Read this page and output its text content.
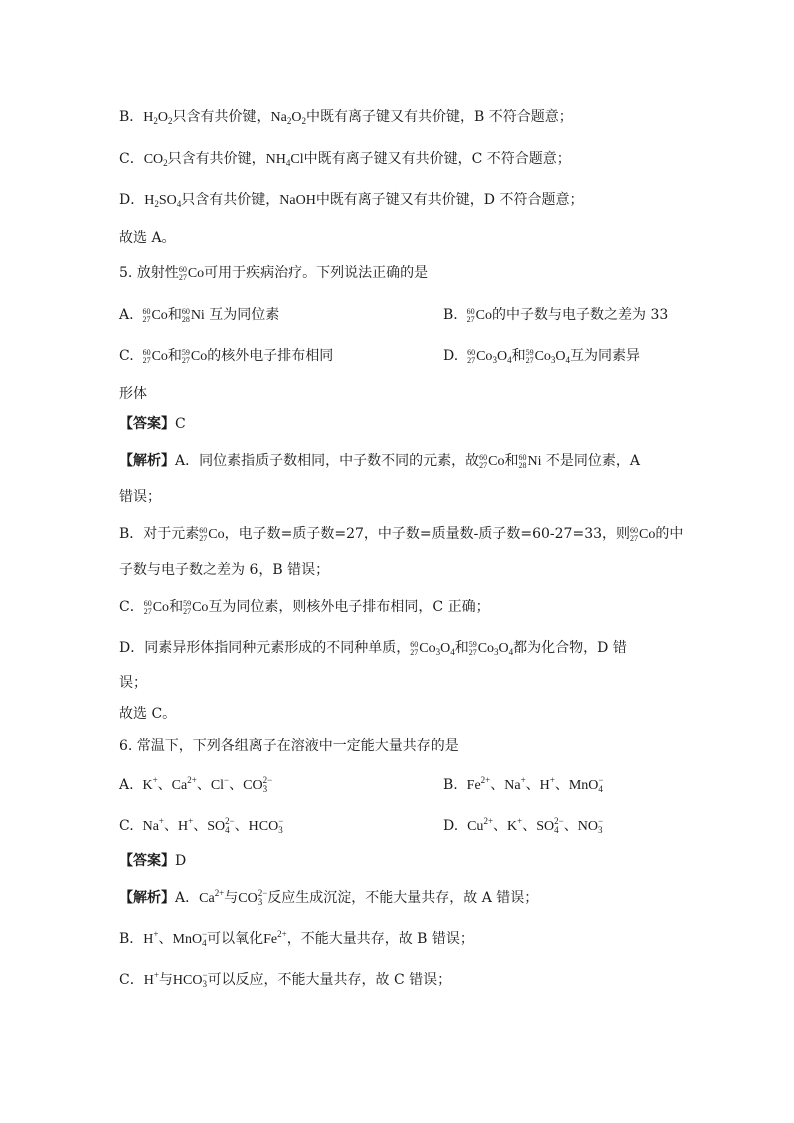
B．$H_2O_2$只含有共价键，$Na_2O_2$中既有离子键又有共价键，B 不符合题意；
C．$CO_2$只含有共价键，$NH_4Cl$中既有离子键又有共价键，C 不符合题意；
D．$H_2SO_4$只含有共价键，NaOH中既有离子键又有共价键，D 不符合题意；
故选 A。
5. 放射性 60
27 Co可用于疾病治疗。下列说法正确的是
A. 60
27 Co和 60
28 Ni 互为同位素	B. 60
27 Co的中子数与电子数之差为 33
C. 60
27 Co和 59
27 Co的核外电子排布相同	D. 60
27 $Co_3O_4$和 59
27 $Co_3O_4$互为同素异
形体
【答案】C
【解析】A．同位素指质子数相同，中子数不同的元素，故 60
27 Co和 60
28 Ni 不是同位素，A
错误；
B．对于元素 60
27 Co，电子数=质子数=27，中子数=质量数-质子数=60-27=33，则 60
27 Co的中
子数与电子数之差为 6，B 错误；
C． 60
27 Co和 59
27 Co互为同位素，则核外电子排布相同，C 正确；
D．同素异形体指同种元素形成的不同种单质， 60
27 $Co_3O_4$和 59
27 $Co_3O_4$都为化合物，D 错
误；
故选 C。
6. 常温下，下列各组离子在溶液中一定能大量共存的是
A. K+、$Ca^{2+}$、Cl−、CO 2−
3	B. $Fe^{2+}$、Na+、H+、MnO −
4
C. Na+、H+、SO 2−
4 、HCO −
3	D. $Cu^{2+}$、K+、SO 2−
4 、NO −
3
【答案】D
【解析】A．$Ca^{2+}$与CO 2−
3 反应生成沉淀，不能大量共存，故 A 错误；
B．H+、MnO −
4 可以氧化$Fe^{2+}$，不能大量共存，故 B 错误；
C．H+与HCO −
3 可以反应，不能大量共存，故 C 错误；
